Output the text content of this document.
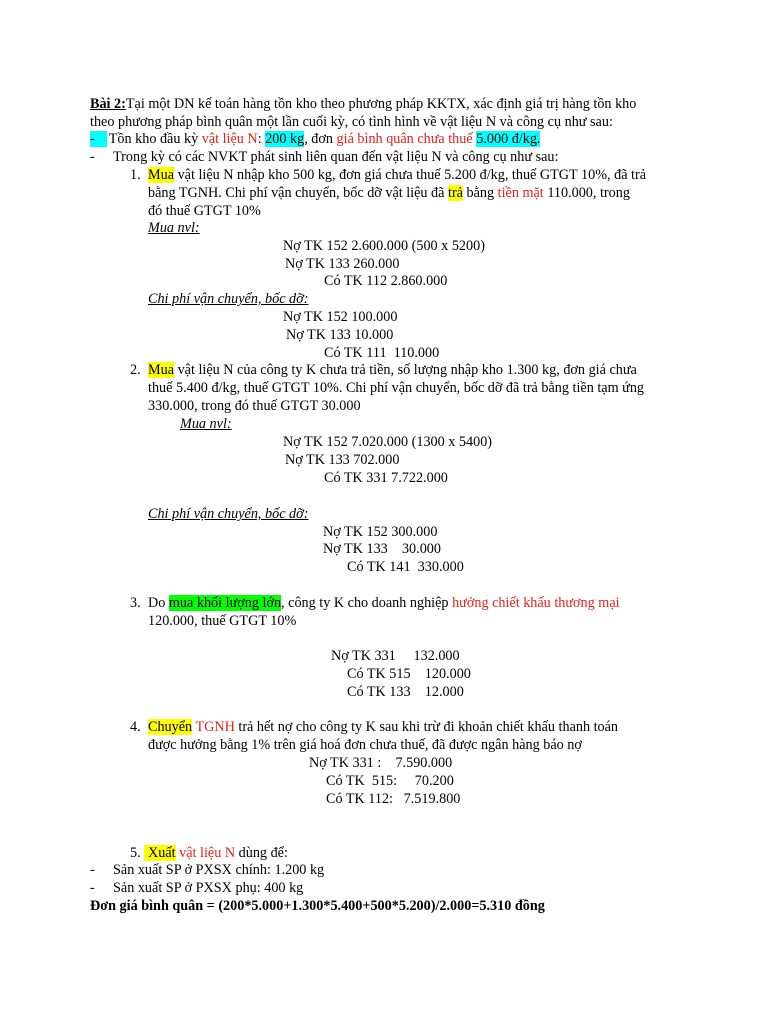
Bài 2:Tại một DN kế toán hàng tồn kho theo phương pháp KKTX, xác định giá trị hàng tồn kho
theo phương pháp bình quân một lần cuối kỳ, có tình hình về vật liệu N và công cụ như sau:
- Tồn kho đầu kỳ vật liệu N: 200 kg, đơn giá bình quân chưa thuế 5.000 đ/kg.
- Trong kỳ có các NVKT phát sinh liên quan đến vật liệu N và công cụ như sau:
1. Mua vật liệu N nhập kho 500 kg, đơn giá chưa thuế 5.200 đ/kg, thuế GTGT 10%, đã trả
bằng TGNH. Chi phí vận chuyển, bốc dỡ vật liệu đã trả bằng tiền mặt 110.000, trong
đó thuế GTGT 10%
Mua nvl:
Nợ TK 152 2.600.000 (500 x 5200)
Nợ TK 133 260.000
Có TK 112 2.860.000
Chi phí vận chuyển, bốc dỡ:
Nợ TK 152 100.000
Nợ TK 133 10.000
Có TK 111  110.000
2. Mua vật liệu N của công ty K chưa trả tiền, số lượng nhập kho 1.300 kg, đơn giá chưa
thuế 5.400 đ/kg, thuế GTGT 10%. Chi phí vận chuyển, bốc dỡ đã trả bằng tiền tạm ứng
330.000, trong đó thuế GTGT 30.000
Mua nvl:
Nợ TK 152 7.020.000 (1300 x 5400)
Nợ TK 133 702.000
Có TK 331 7.722.000
Chi phí vận chuyển, bốc dỡ:
Nợ TK 152 300.000
Nợ TK 133    30.000
Có TK 141  330.000
3. Do mua khối lượng lớn, công ty K cho doanh nghiệp hưởng chiết khấu thương mại
120.000, thuế GTGT 10%
Nợ TK 331     132.000
Có TK 515    120.000
Có TK 133    12.000
4. Chuyển TGNH trả hết nợ cho công ty K sau khi trừ đi khoản chiết khấu thanh toán
được hưởng bằng 1% trên giá hoá đơn chưa thuế, đã được ngân hàng báo nợ
Nợ TK 331 :    7.590.000
Có TK  515:     70.200
Có TK 112:   7.519.800
5. Xuất vật liệu N dùng để:
- Sản xuất SP ở PXSX chính: 1.200 kg
- Sản xuất SP ở PXSX phụ: 400 kg
Đơn giá bình quân = (200*5.000+1.300*5.400+500*5.200)/2.000=5.310 đồng
